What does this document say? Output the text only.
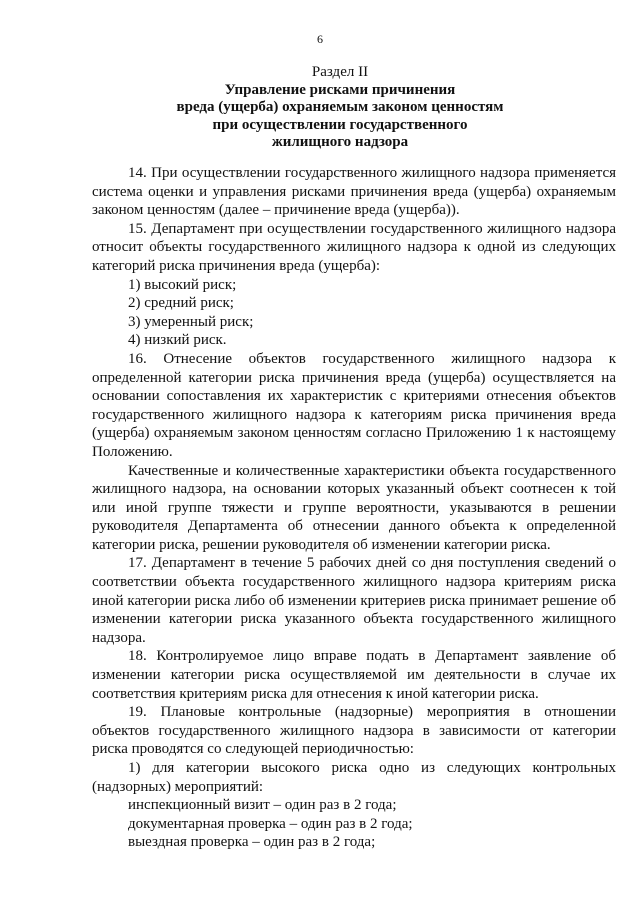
6
Раздел II
Управление рисками причинения
вреда (ущерба) охраняемым законом ценностям
при осуществлении государственного
жилищного надзора

14. При осуществлении государственного жилищного надзора применяется система оценки и управления рисками причинения вреда (ущерба) охраняемым законом ценностям (далее – причинение вреда (ущерба)).

15. Департамент при осуществлении государственного жилищного надзора относит объекты государственного жилищного надзора к одной из следующих категорий риска причинения вреда (ущерба):

1) высокий риск;

2) средний риск;

3) умеренный риск;

4) низкий риск.

16. Отнесение объектов государственного жилищного надзора к определенной категории риска причинения вреда (ущерба) осуществляется на основании сопоставления их характеристик с критериями отнесения объектов государственного жилищного надзора к категориям риска причинения вреда (ущерба) охраняемым законом ценностям согласно Приложению 1 к настоящему Положению.

Качественные и количественные характеристики объекта государственного жилищного надзора, на основании которых указанный объект соотнесен к той или иной группе тяжести и группе вероятности, указываются в решении руководителя Департамента об отнесении данного объекта к определенной категории риска, решении руководителя об изменении категории риска.

17. Департамент в течение 5 рабочих дней со дня поступления сведений о соответствии объекта государственного жилищного надзора критериям риска иной категории риска либо об изменении критериев риска принимает решение об изменении категории риска указанного объекта государственного жилищного надзора.

18. Контролируемое лицо вправе подать в Департамент заявление об изменении категории риска осуществляемой им деятельности в случае их соответствия критериям риска для отнесения к иной категории риска.

19. Плановые контрольные (надзорные) мероприятия в отношении объектов государственного жилищного надзора в зависимости от категории риска проводятся со следующей периодичностью:

1) для категории высокого риска одно из следующих контрольных (надзорных) мероприятий:

инспекционный визит – один раз в 2 года;

документарная проверка – один раз в 2 года;

выездная проверка – один раз в 2 года;
